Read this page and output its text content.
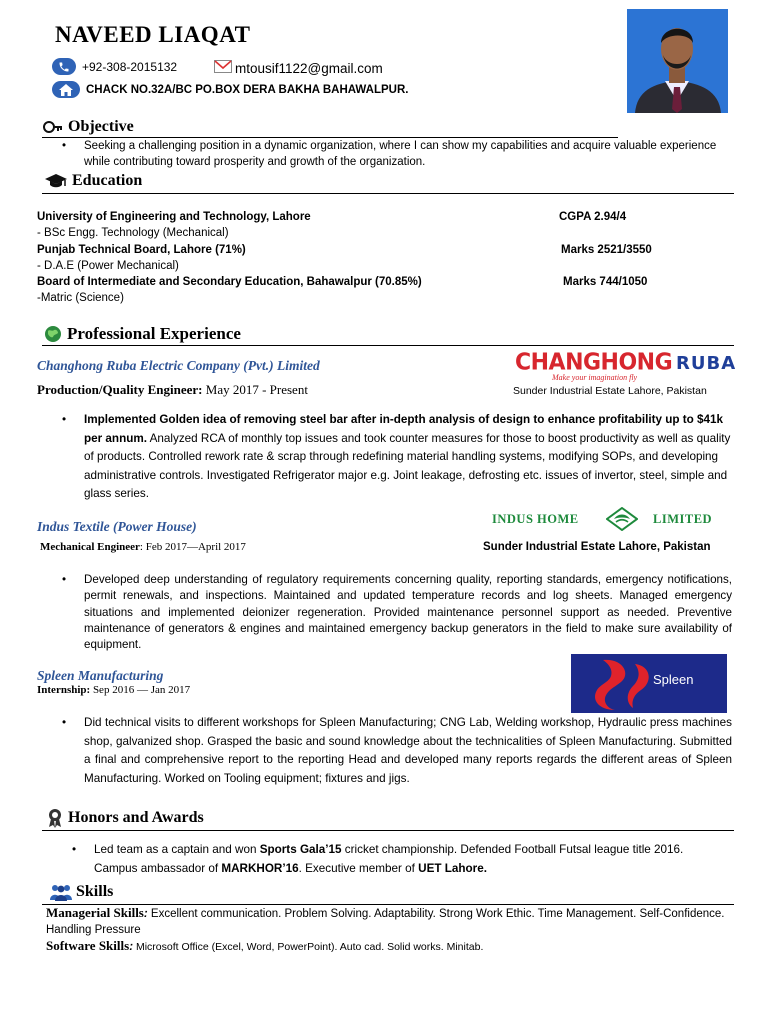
NAVEED LIAQAT
+92-308-2015132	mtousif1122@gmail.com
CHACK NO.32A/BC PO.BOX DERA BAKHA BAHAWALPUR.
Objective
• Seeking a challenging position in a dynamic organization, where I can show my capabilities and acquire valuable experience while contributing toward prosperity and growth of the organization.
Education
University of Engineering and Technology, Lahore	CGPA 2.94/4
- BSc Engg. Technology (Mechanical)
Punjab Technical Board, Lahore (71%)	Marks 2521/3550
- D.A.E (Power Mechanical)
Board of Intermediate and Secondary Education, Bahawalpur (70.85%)	Marks 744/1050
-Matric (Science)
Professional Experience
Changhong Ruba Electric Company (Pvt.) Limited
Production/Quality Engineer: May 2017 - Present
CHANGHONG RUBA
Make your imagination fly
Sunder Industrial Estate Lahore, Pakistan
• Implemented Golden idea of removing steel bar after in-depth analysis of design to enhance profitability up to $41k per annum. Analyzed RCA of monthly top issues and took counter measures for those to boost productivity as well as quality of products. Controlled rework rate & scrap through redefining material handling systems, modifying SOPs, and developing administrative controls. Investigated Refrigerator major e.g. Joint leakage, defrosting etc. issues of invertor, steel, simple and glass series.
Indus Textile (Power House)
Mechanical Engineer: Feb 2017—April 2017
INDUS HOME	LIMITED
Sunder Industrial Estate Lahore, Pakistan
• Developed deep understanding of regulatory requirements concerning quality, reporting standards, emergency notifications, permit renewals, and inspections. Maintained and updated temperature records and log sheets. Managed emergency situations and implemented deionizer regeneration. Provided maintenance personnel support as needed. Preventive maintenance of generators & engines and maintained emergency backup generators in the field to make sure availability of equipment.
Spleen Manufacturing
Internship: Sep 2016 — Jan 2017
Spleen
• Did technical visits to different workshops for Spleen Manufacturing; CNG Lab, Welding workshop, Hydraulic press machines shop, galvanized shop. Grasped the basic and sound knowledge about the technicalities of Spleen Manufacturing. Submitted a final and comprehensive report to the reporting Head and developed many reports regards the different areas of Spleen Manufacturing. Worked on Tooling equipment; fixtures and jigs.
Honors and Awards
• Led team as a captain and won Sports Gala’15 cricket championship. Defended Football Futsal league title 2016. Campus ambassador of MARKHOR’16. Executive member of UET Lahore.
Skills
Managerial Skills: Excellent communication. Problem Solving. Adaptability. Strong Work Ethic. Time Management. Self-Confidence. Handling Pressure
Software Skills: Microsoft Office (Excel, Word, PowerPoint). Auto cad. Solid works. Minitab.
